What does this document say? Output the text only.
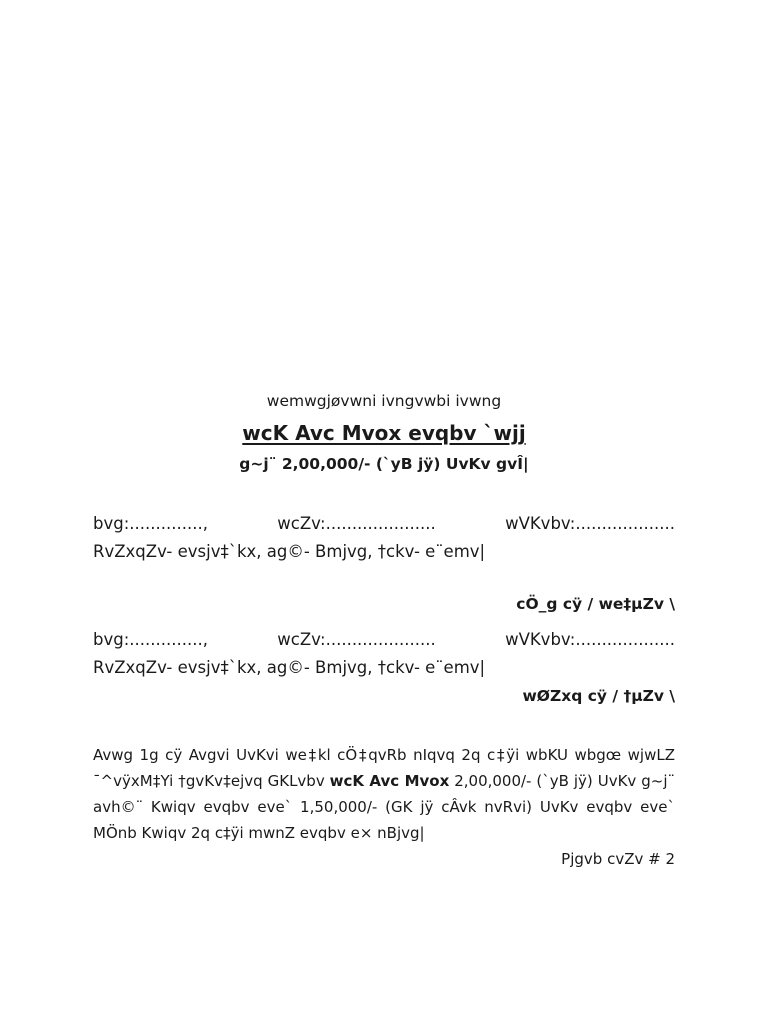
wemwgjøvwni ivngvwbi ivwng

wcK Avc Mvox evqbv `wjj

g~j¨ 2,00,000/- (`yB jÿ) UvKv gvÎ|

bvg:..............,	wcZv:.....................	wVKvbv:...................

RvZxqZv- evsjv‡`kx, ag©- Bmjvg, †ckv- e¨emv|

cÖ_g cÿ / we‡µZv \

bvg:..............,	wcZv:.....................	wVKvbv:...................

RvZxqZv- evsjv‡`kx, ag©- Bmjvg, †ckv- e¨emv|

wØZxq cÿ / †µZv \

Avwg 1g cÿ Avgvi UvKvi we‡kl cÖ‡qvRb nIqvq 2q c‡ÿi wbKU wbgœ wjwLZ ¯^vÿxM‡Yi †gvKv‡ejvq GKLvbv wcK Avc Mvox 2,00,000/- (`yB jÿ) UvKv g~j¨ avh©¨ Kwiqv evqbv eve` 1,50,000/- (GK jÿ cÂvk nvRvi) UvKv evqbv eve` MÖnb Kwiqv 2q c‡ÿi mwnZ evqbv e× nBjvg|

Pjgvb cvZv # 2
